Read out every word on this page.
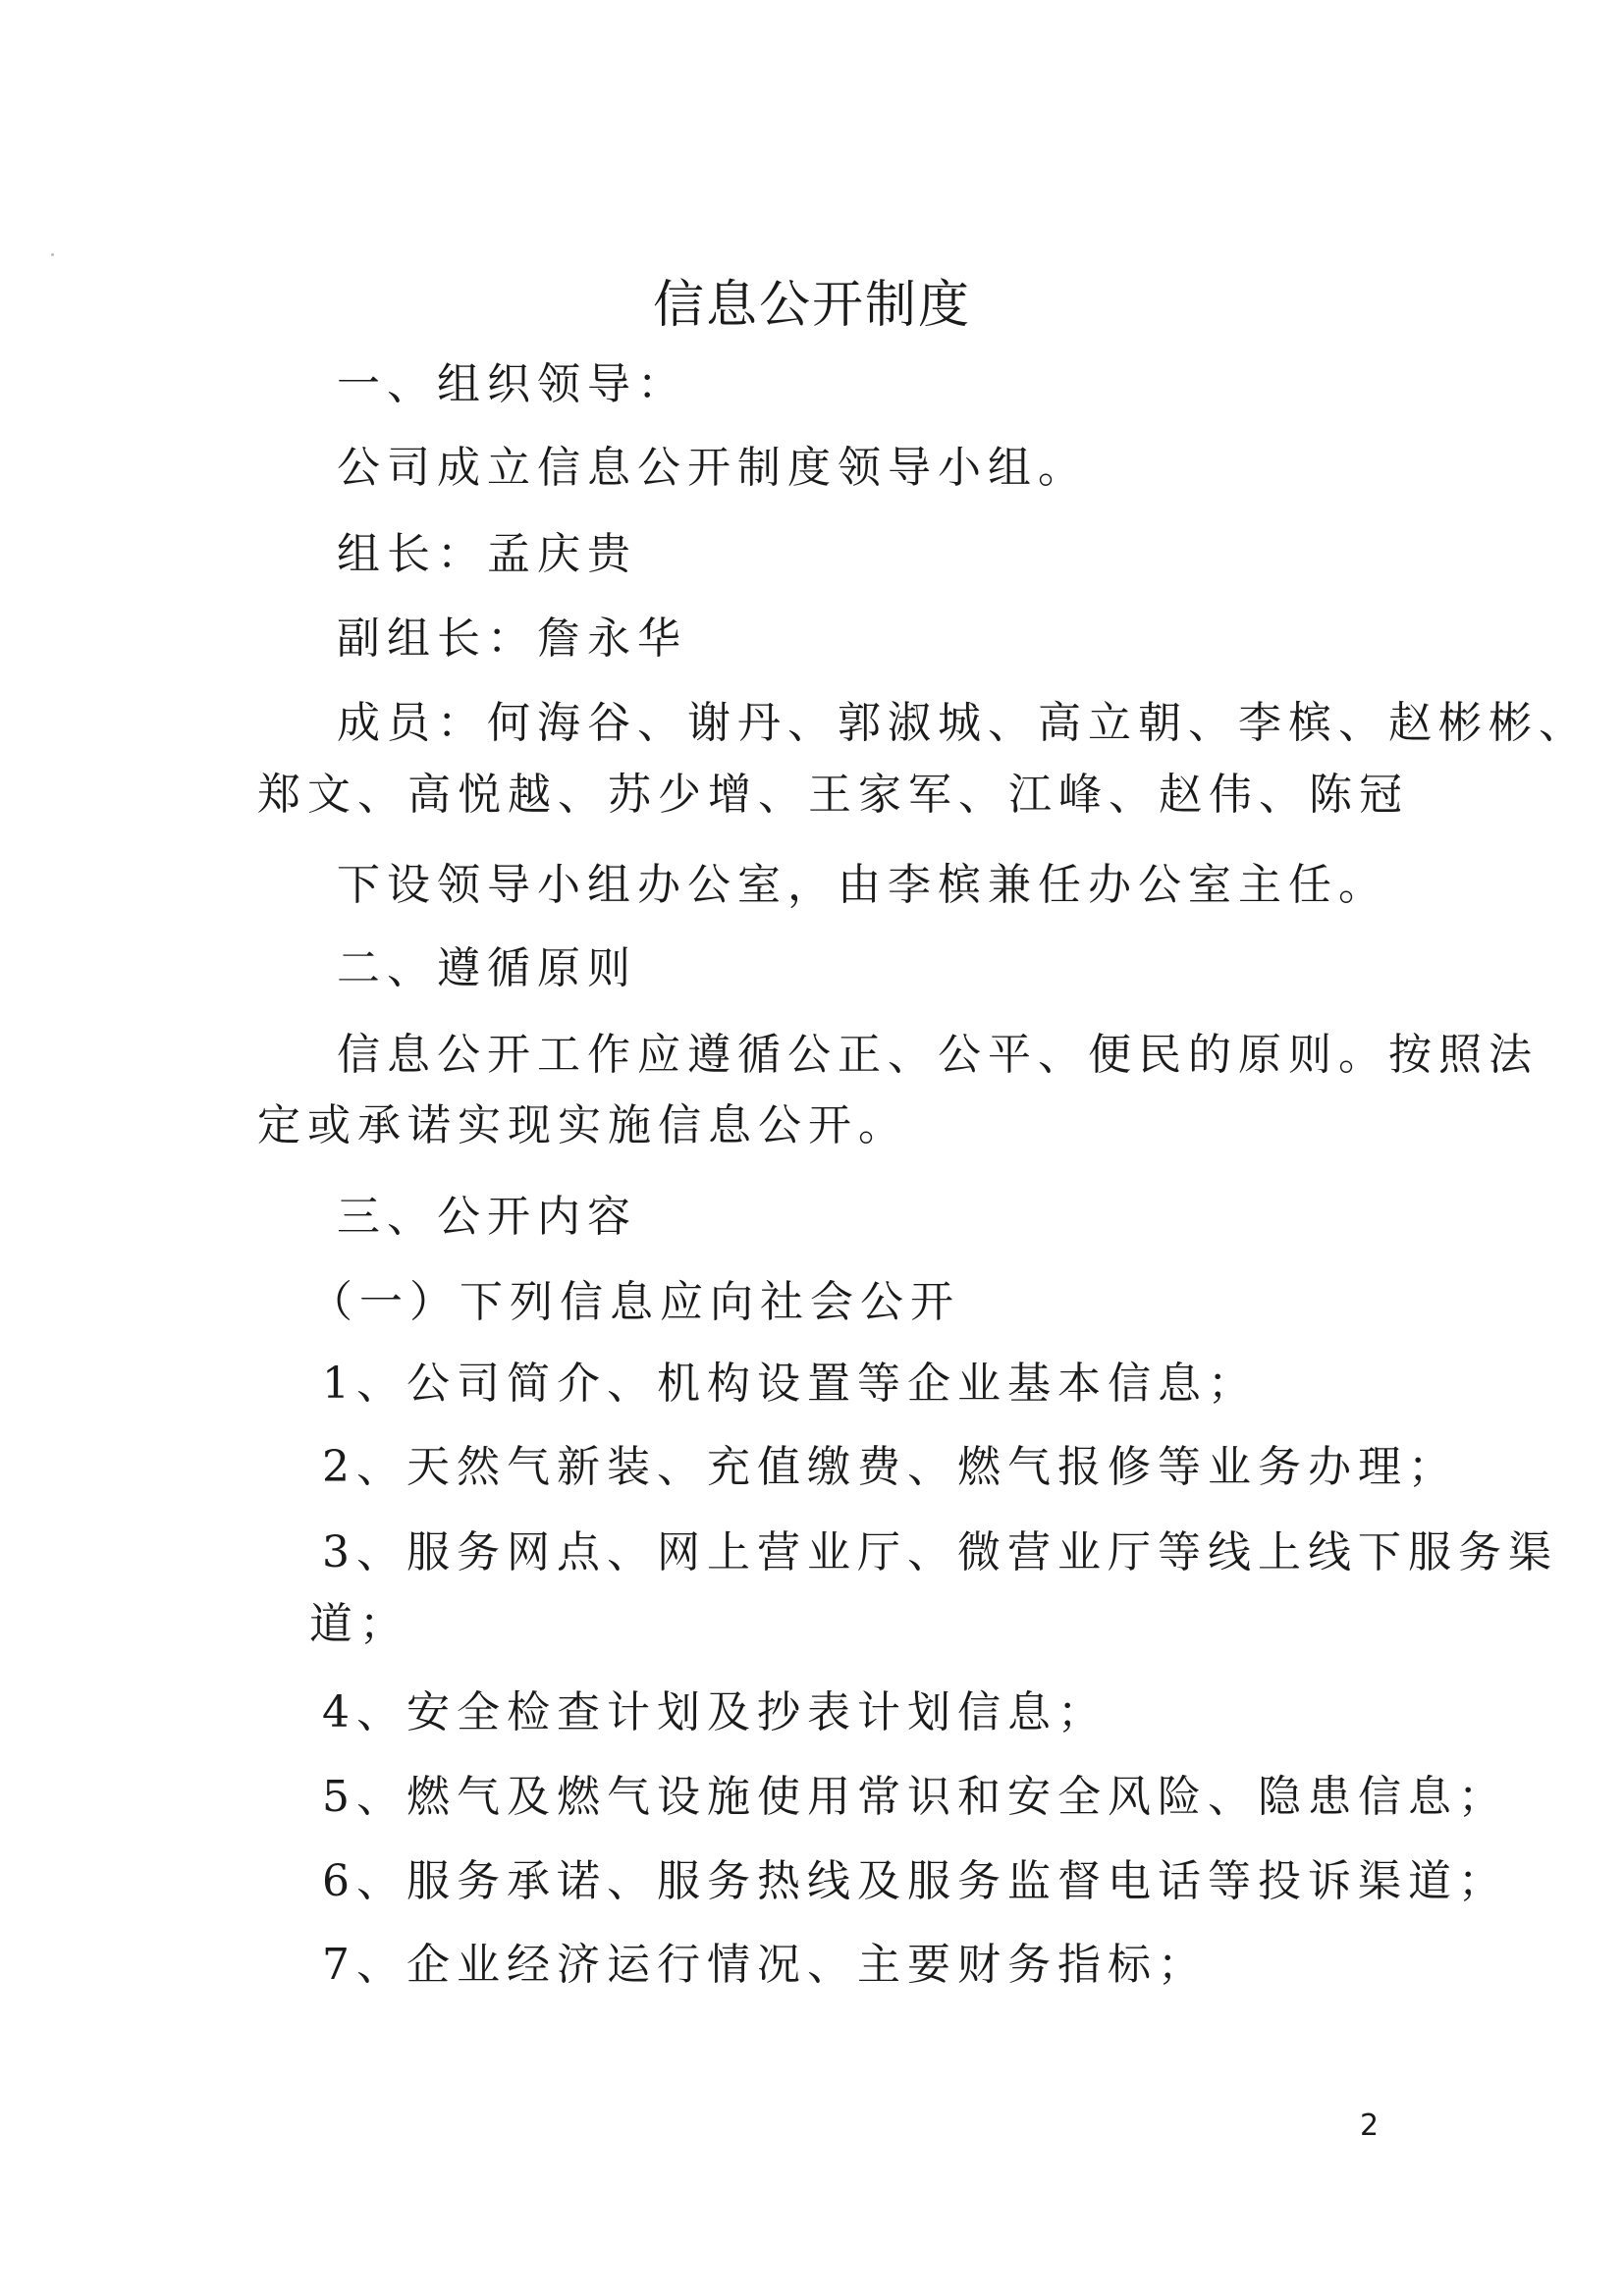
信息公开制度

一、组织领导：

公司成立信息公开制度领导小组。

组长：孟庆贵

副组长：詹永华

成员：何海谷、谢丹、郭淑城、高立朝、李槟、赵彬彬、

郑文、高悦越、苏少增、王家军、江峰、赵伟、陈冠

下设领导小组办公室，由李槟兼任办公室主任。

二、遵循原则

信息公开工作应遵循公正、公平、便民的原则。按照法

定或承诺实现实施信息公开。

三、公开内容

（一）下列信息应向社会公开

1、公司简介、机构设置等企业基本信息；

2、天然气新装、充值缴费、燃气报修等业务办理；

3、服务网点、网上营业厅、微营业厅等线上线下服务渠

道；

4、安全检查计划及抄表计划信息；

5、燃气及燃气设施使用常识和安全风险、隐患信息；

6、服务承诺、服务热线及服务监督电话等投诉渠道；

7、企业经济运行情况、主要财务指标；

2
